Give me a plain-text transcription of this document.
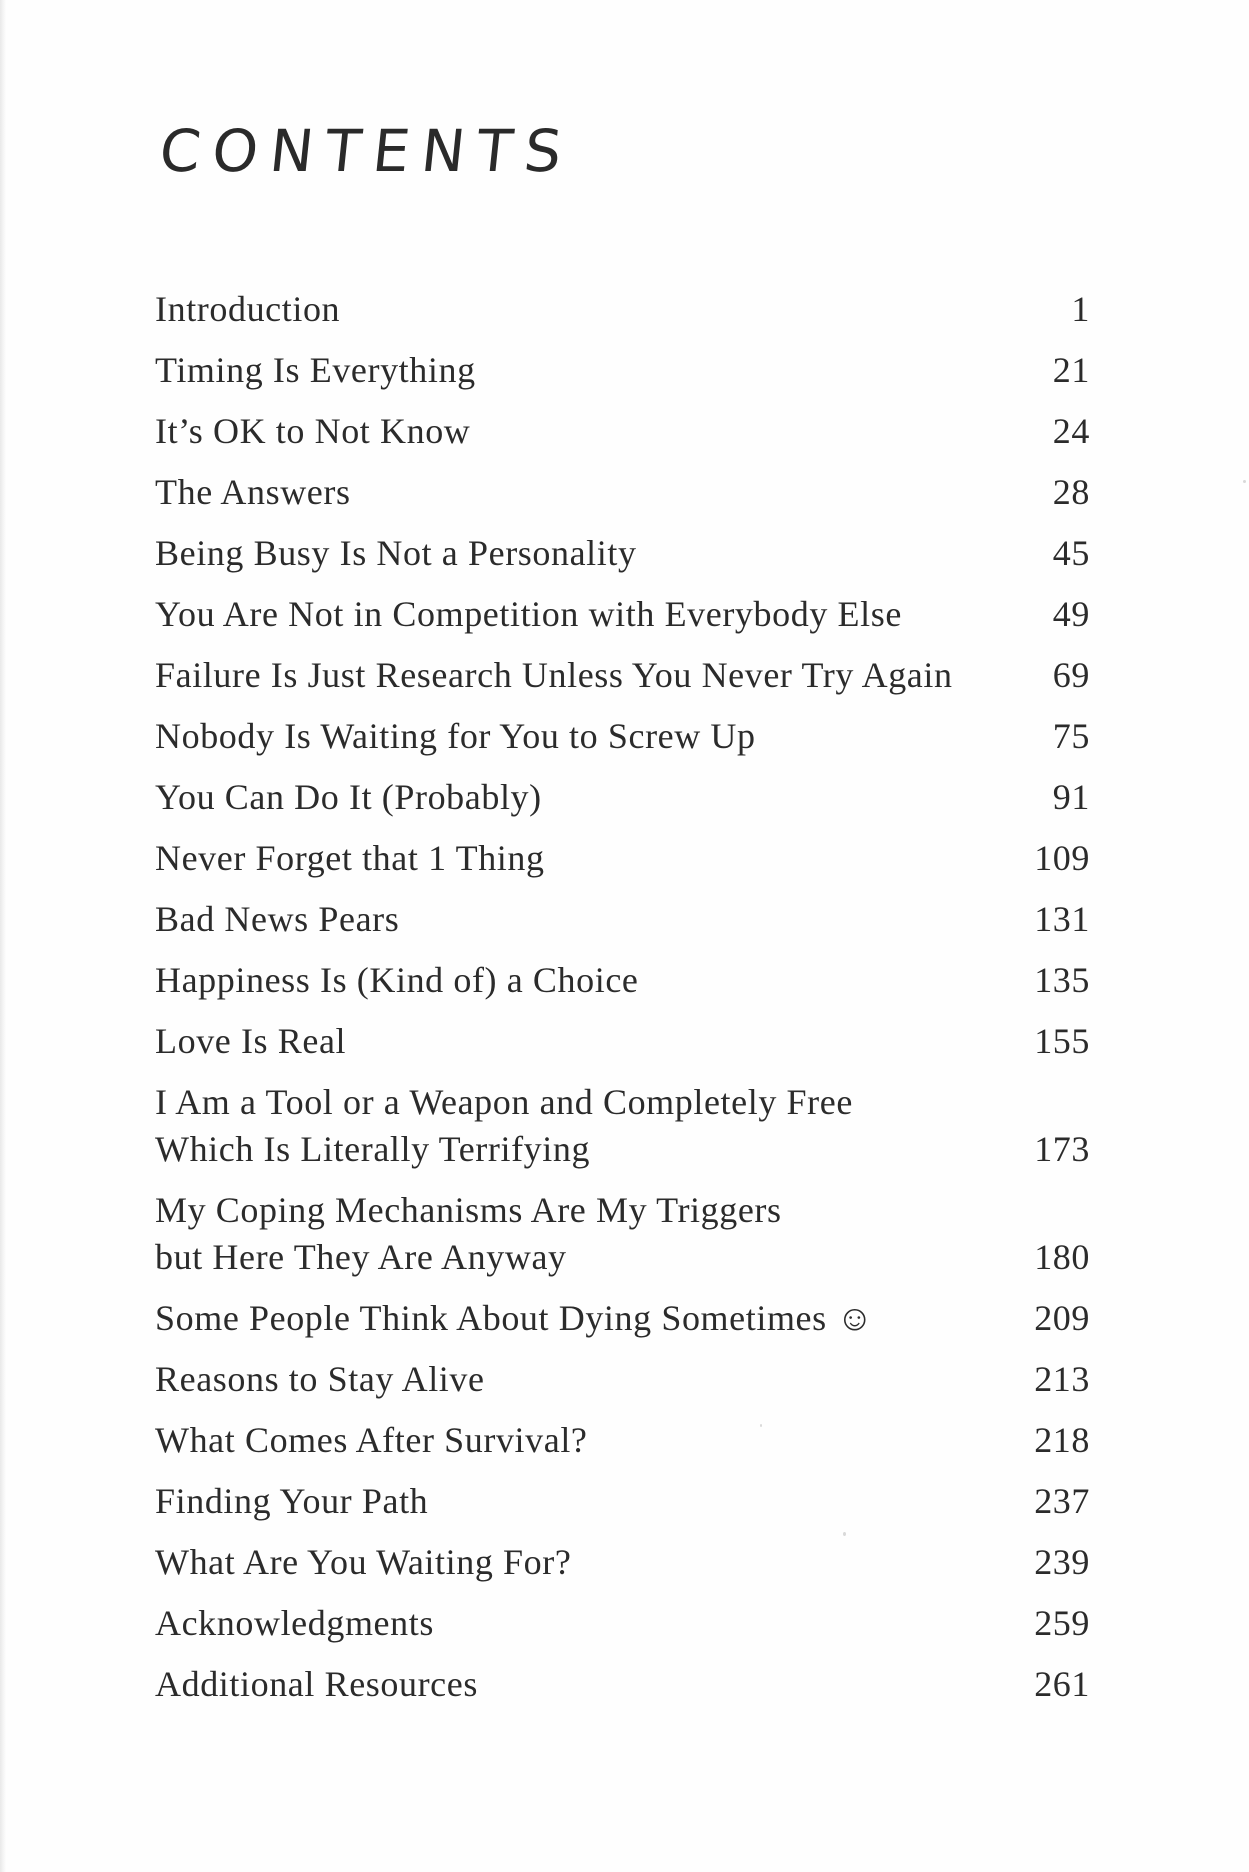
CONTENTS
Introduction	1
Timing Is Everything	21
It’s OK to Not Know	24
The Answers	28
Being Busy Is Not a Personality	45
You Are Not in Competition with Everybody Else	49
Failure Is Just Research Unless You Never Try Again	69
Nobody Is Waiting for You to Screw Up	75
You Can Do It (Probably)	91
Never Forget that 1 Thing	109
Bad News Pears	131
Happiness Is (Kind of) a Choice	135
Love Is Real	155
I Am a Tool or a Weapon and Completely Free
Which Is Literally Terrifying	173
My Coping Mechanisms Are My Triggers
but Here They Are Anyway	180
Some People Think About Dying Sometimes ☺	209
Reasons to Stay Alive	213
What Comes After Survival?	218
Finding Your Path	237
What Are You Waiting For?	239
Acknowledgments	259
Additional Resources	261
